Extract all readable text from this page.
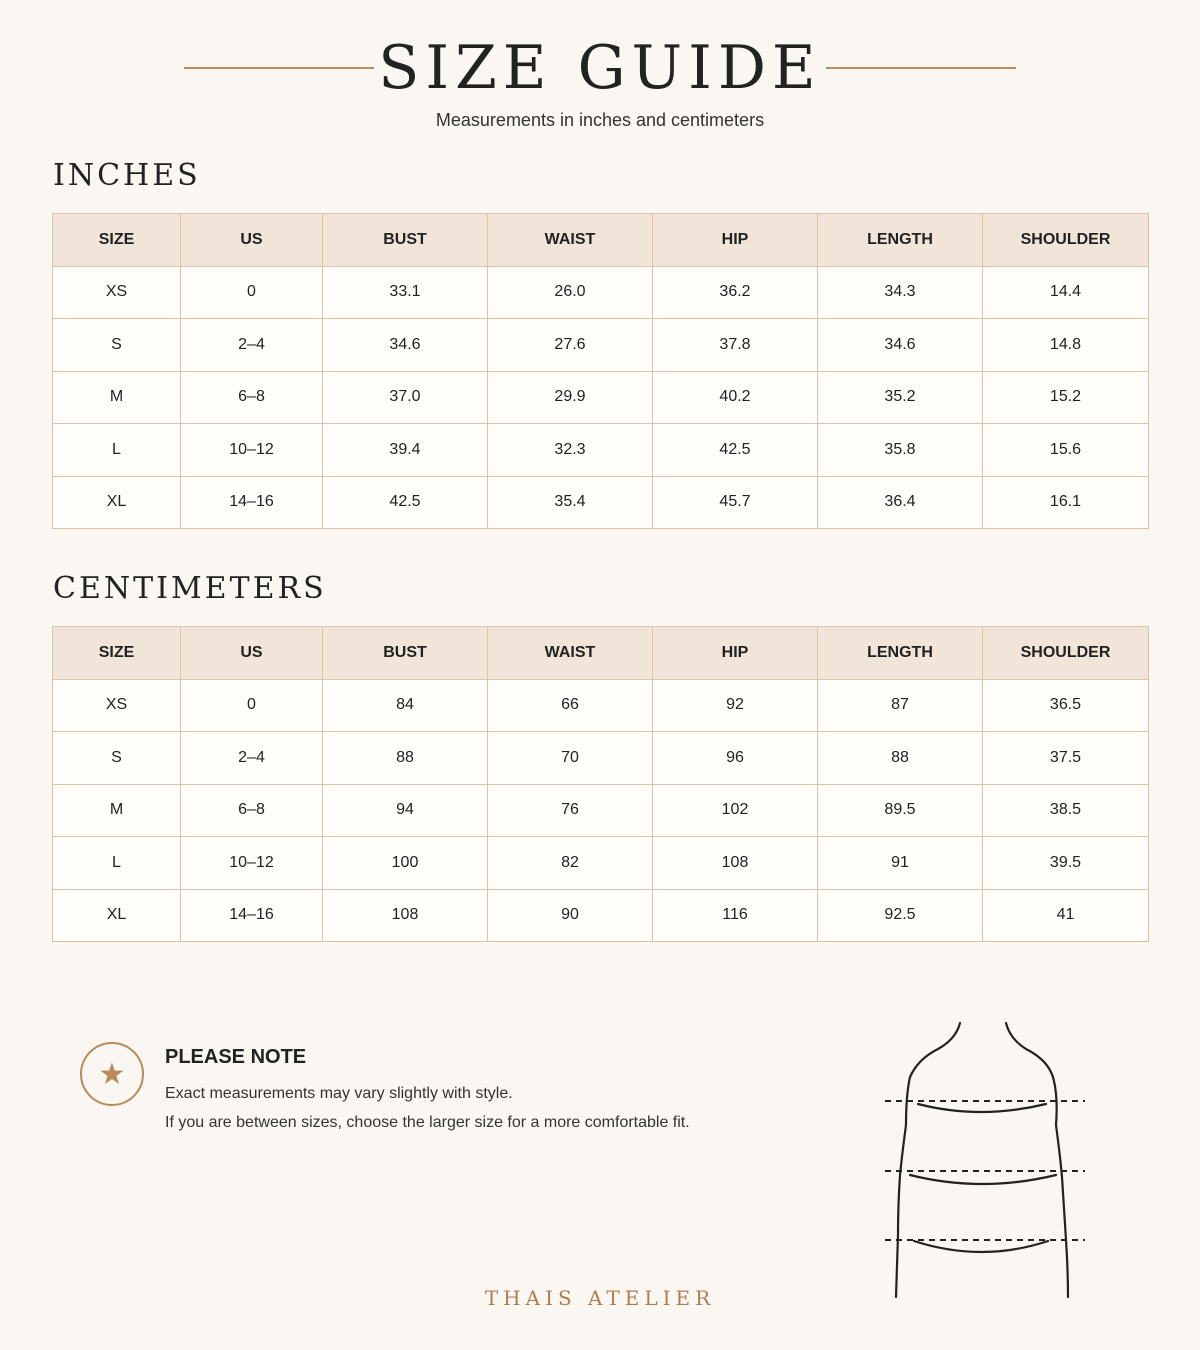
SIZE GUIDE
Measurements in inches and centimeters
INCHES
SIZE	US	BUST	WAIST	HIP	LENGTH	SHOULDER
XS	0	33.1	26.0	36.2	34.3	14.4
S	2–4	34.6	27.6	37.8	34.6	14.8
M	6–8	37.0	29.9	40.2	35.2	15.2
L	10–12	39.4	32.3	42.5	35.8	15.6
XL	14–16	42.5	35.4	45.7	36.4	16.1
CENTIMETERS
SIZE	US	BUST	WAIST	HIP	LENGTH	SHOULDER
XS	0	84	66	92	87	36.5
S	2–4	88	70	96	88	37.5
M	6–8	94	76	102	89.5	38.5
L	10–12	100	82	108	91	39.5
XL	14–16	108	90	116	92.5	41
★
PLEASE NOTE
Exact measurements may vary slightly with style.
If you are between sizes, choose the larger size for a more comfortable fit.
THAIS ATELIER
